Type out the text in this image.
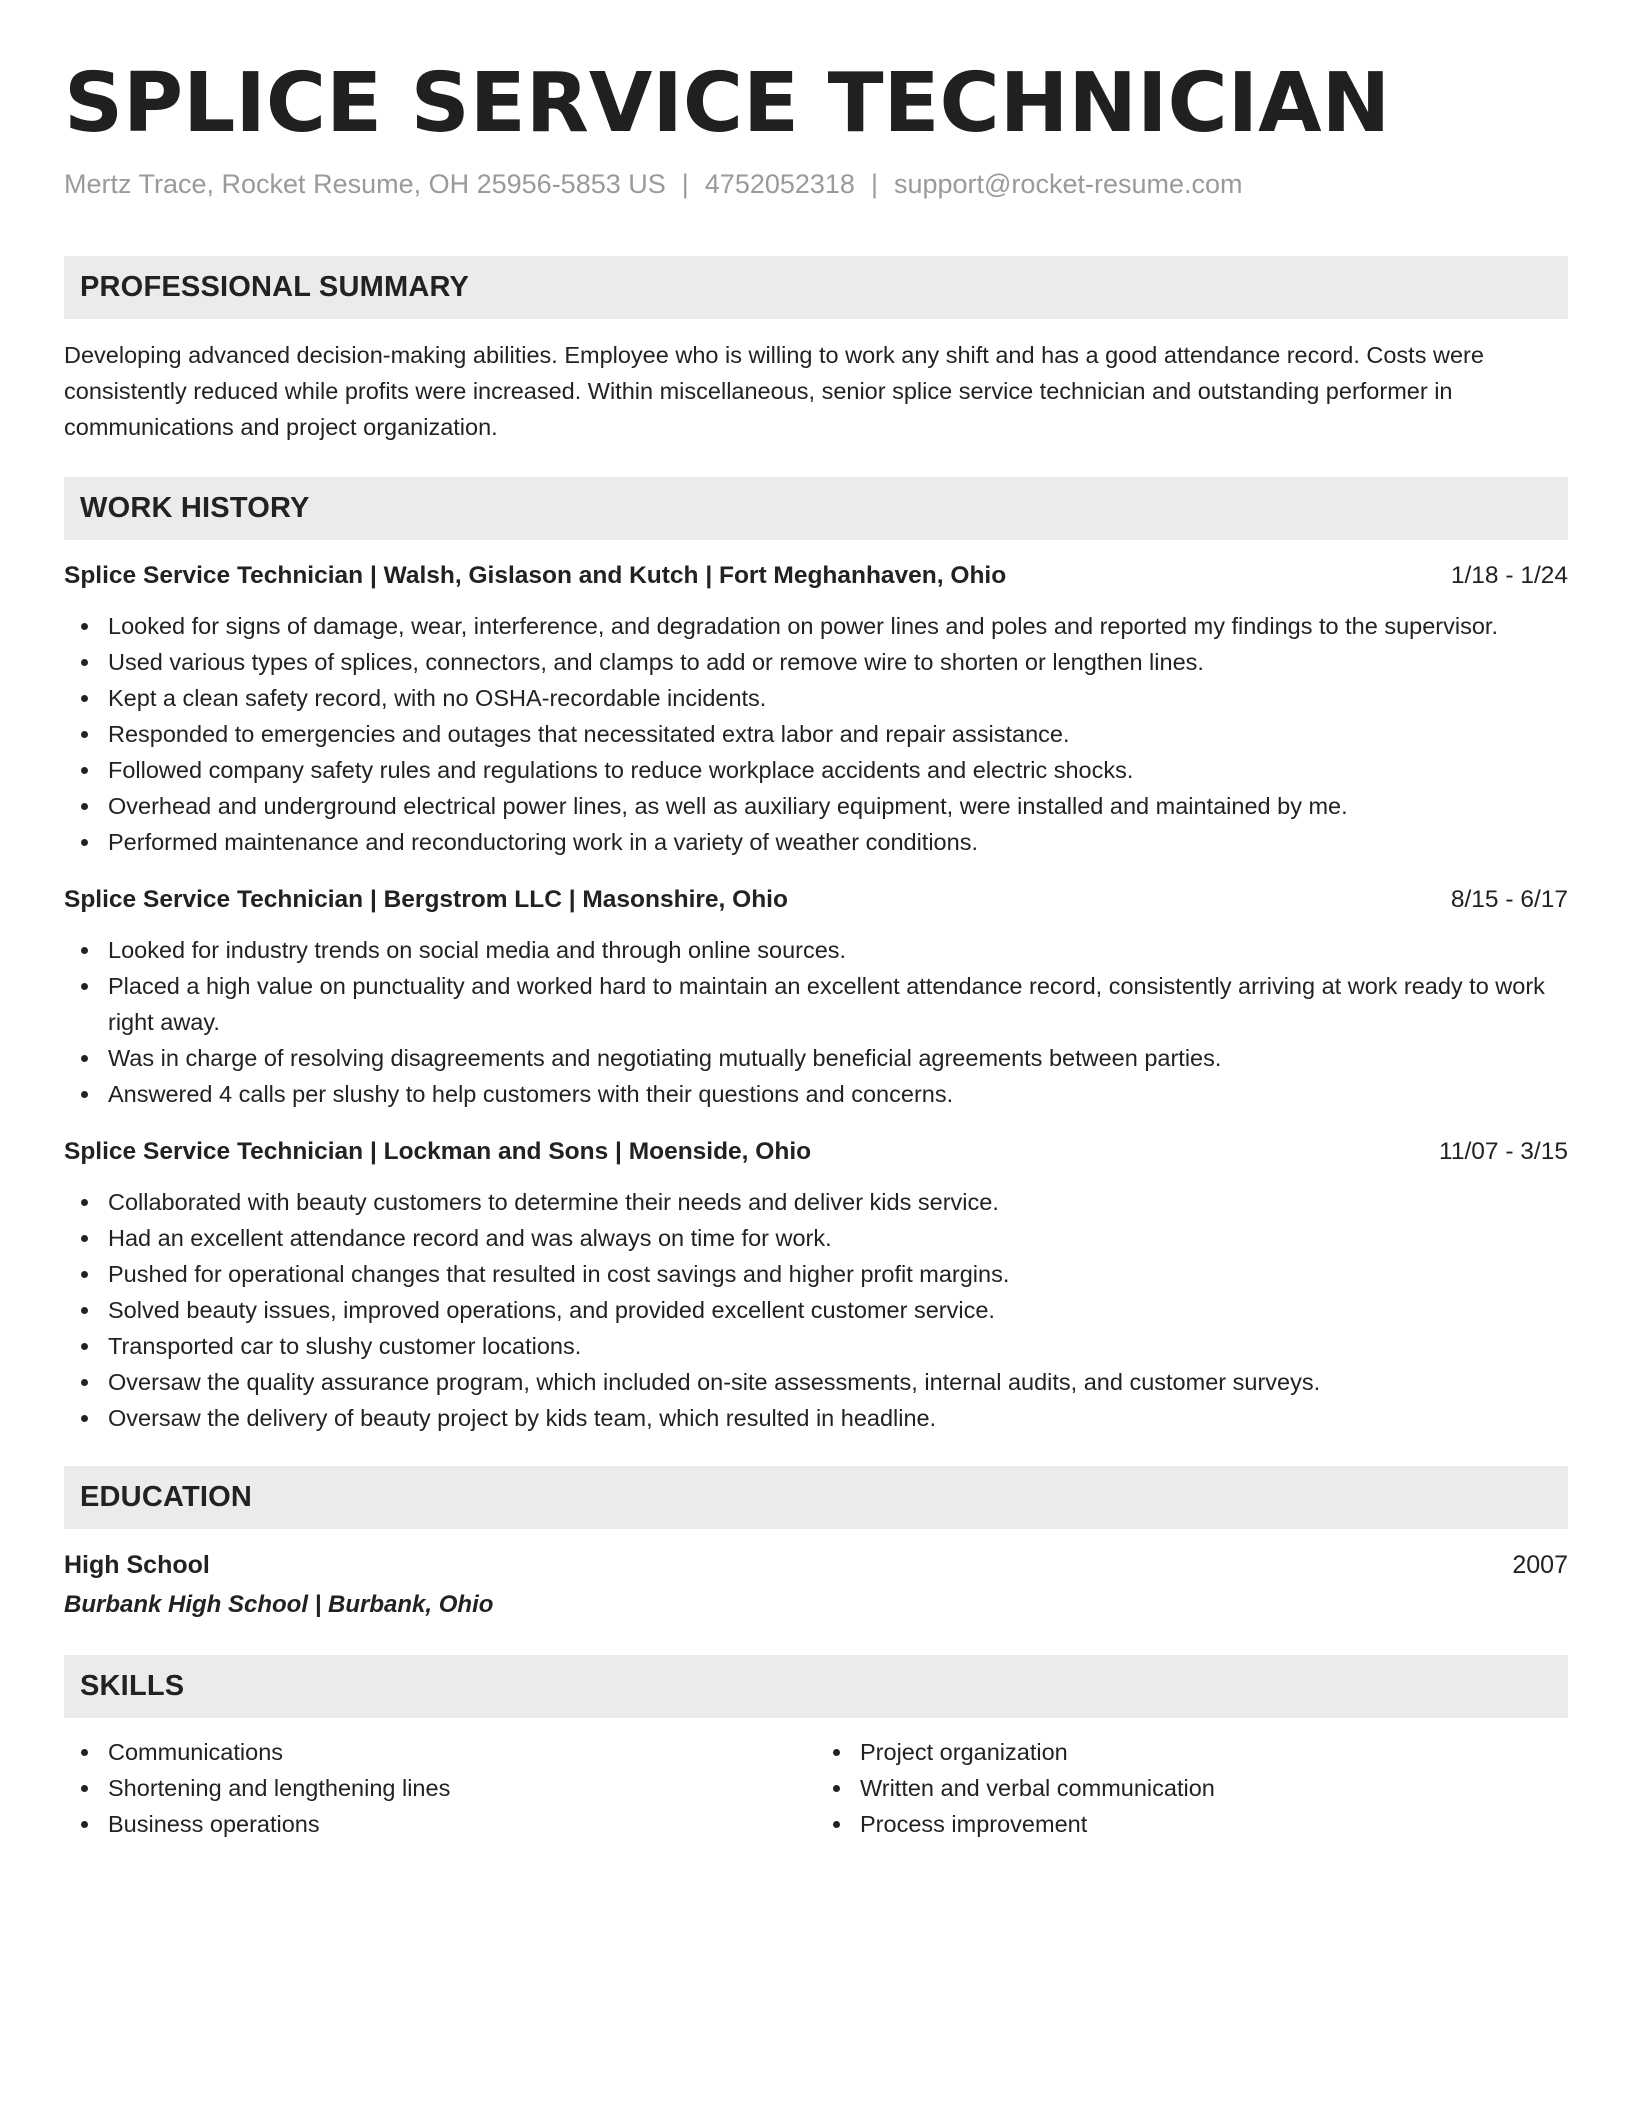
SPLICE SERVICE TECHNICIAN
Mertz Trace, Rocket Resume, OH 25956-5853 US | 4752052318 | support@rocket-resume.com
PROFESSIONAL SUMMARY

Developing advanced decision-making abilities. Employee who is willing to work any shift and has a good attendance record. Costs were consistently reduced while profits were increased. Within miscellaneous, senior splice service technician and outstanding performer in communications and project organization.

WORK HISTORY
Splice Service Technician | Walsh, Gislason and Kutch | Fort Meghanhaven, Ohio	1/18 - 1/24
Looked for signs of damage, wear, interference, and degradation on power lines and poles and reported my findings to the supervisor.
Used various types of splices, connectors, and clamps to add or remove wire to shorten or lengthen lines.
Kept a clean safety record, with no OSHA-recordable incidents.
Responded to emergencies and outages that necessitated extra labor and repair assistance.
Followed company safety rules and regulations to reduce workplace accidents and electric shocks.
Overhead and underground electrical power lines, as well as auxiliary equipment, were installed and maintained by me.
Performed maintenance and reconductoring work in a variety of weather conditions.
Splice Service Technician | Bergstrom LLC | Masonshire, Ohio	8/15 - 6/17
Looked for industry trends on social media and through online sources.
Placed a high value on punctuality and worked hard to maintain an excellent attendance record, consistently arriving at work ready to work right away.
Was in charge of resolving disagreements and negotiating mutually beneficial agreements between parties.
Answered 4 calls per slushy to help customers with their questions and concerns.
Splice Service Technician | Lockman and Sons | Moenside, Ohio	11/07 - 3/15
Collaborated with beauty customers to determine their needs and deliver kids service.
Had an excellent attendance record and was always on time for work.
Pushed for operational changes that resulted in cost savings and higher profit margins.
Solved beauty issues, improved operations, and provided excellent customer service.
Transported car to slushy customer locations.
Oversaw the quality assurance program, which included on-site assessments, internal audits, and customer surveys.
Oversaw the delivery of beauty project by kids team, which resulted in headline.
EDUCATION
High School	2007
Burbank High School | Burbank, Ohio
SKILLS
Communications
Shortening and lengthening lines
Business operations
Project organization
Written and verbal communication
Process improvement
